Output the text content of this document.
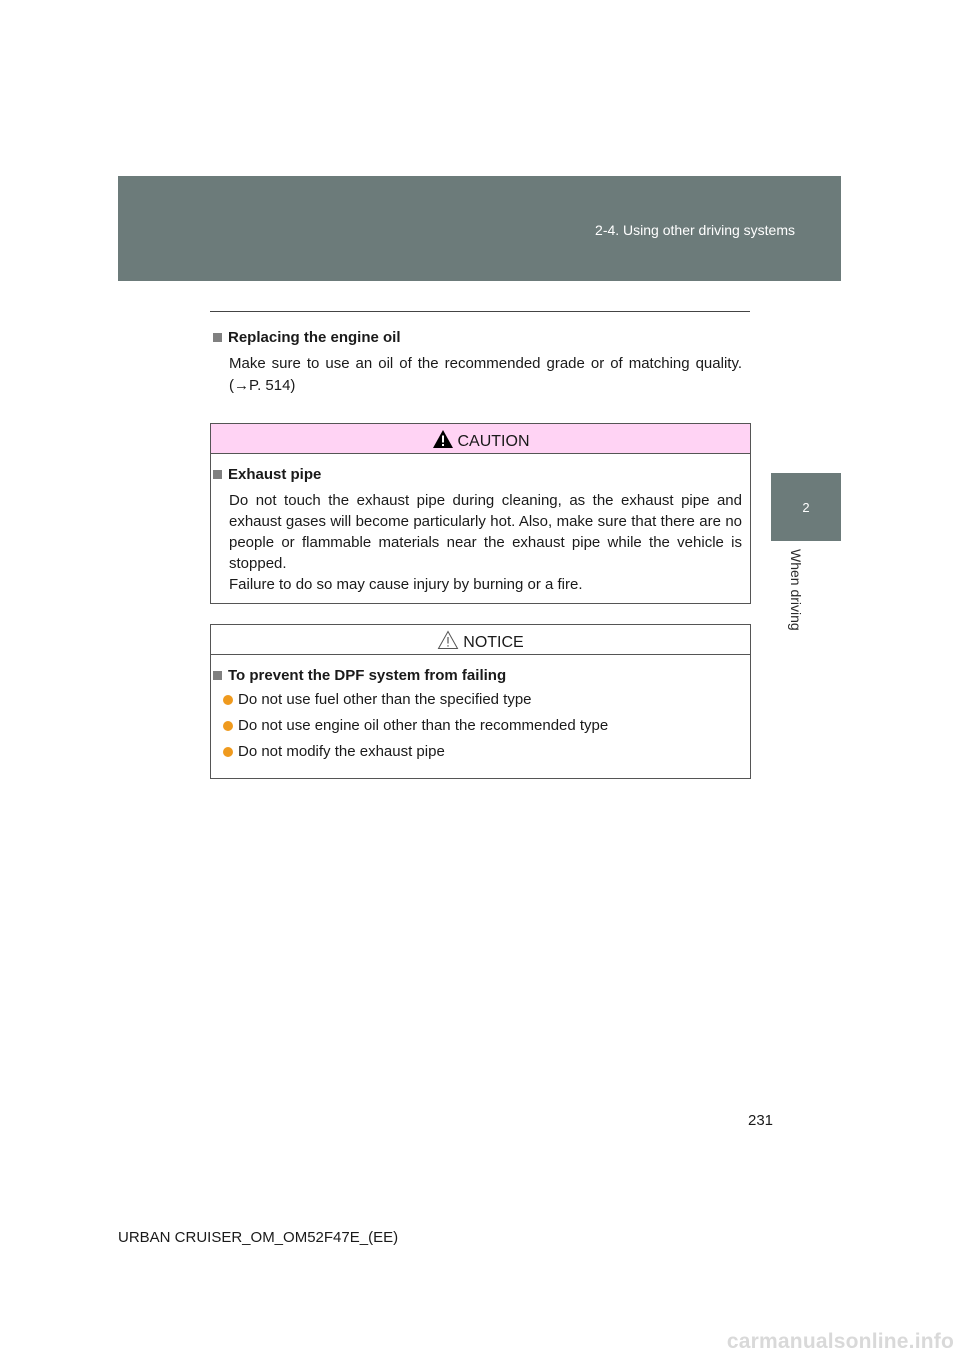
2-4. Using other driving systems
2
When driving
Replacing the engine oil
Make sure to use an oil of the recommended grade or of matching quality. (→P. 514)
CAUTION
Exhaust pipe

Do not touch the exhaust pipe during cleaning, as the exhaust pipe and exhaust gases will become particularly hot. Also, make sure that there are no people or flammable materials near the exhaust pipe while the vehicle is stopped.

Failure to do so may cause injury by burning or a fire.

NOTICE
To prevent the DPF system from failing
Do not use fuel other than the specified type
Do not use engine oil other than the recommended type
Do not modify the exhaust pipe
231
URBAN CRUISER_OM_OM52F47E_(EE)
carmanualsonline.info
